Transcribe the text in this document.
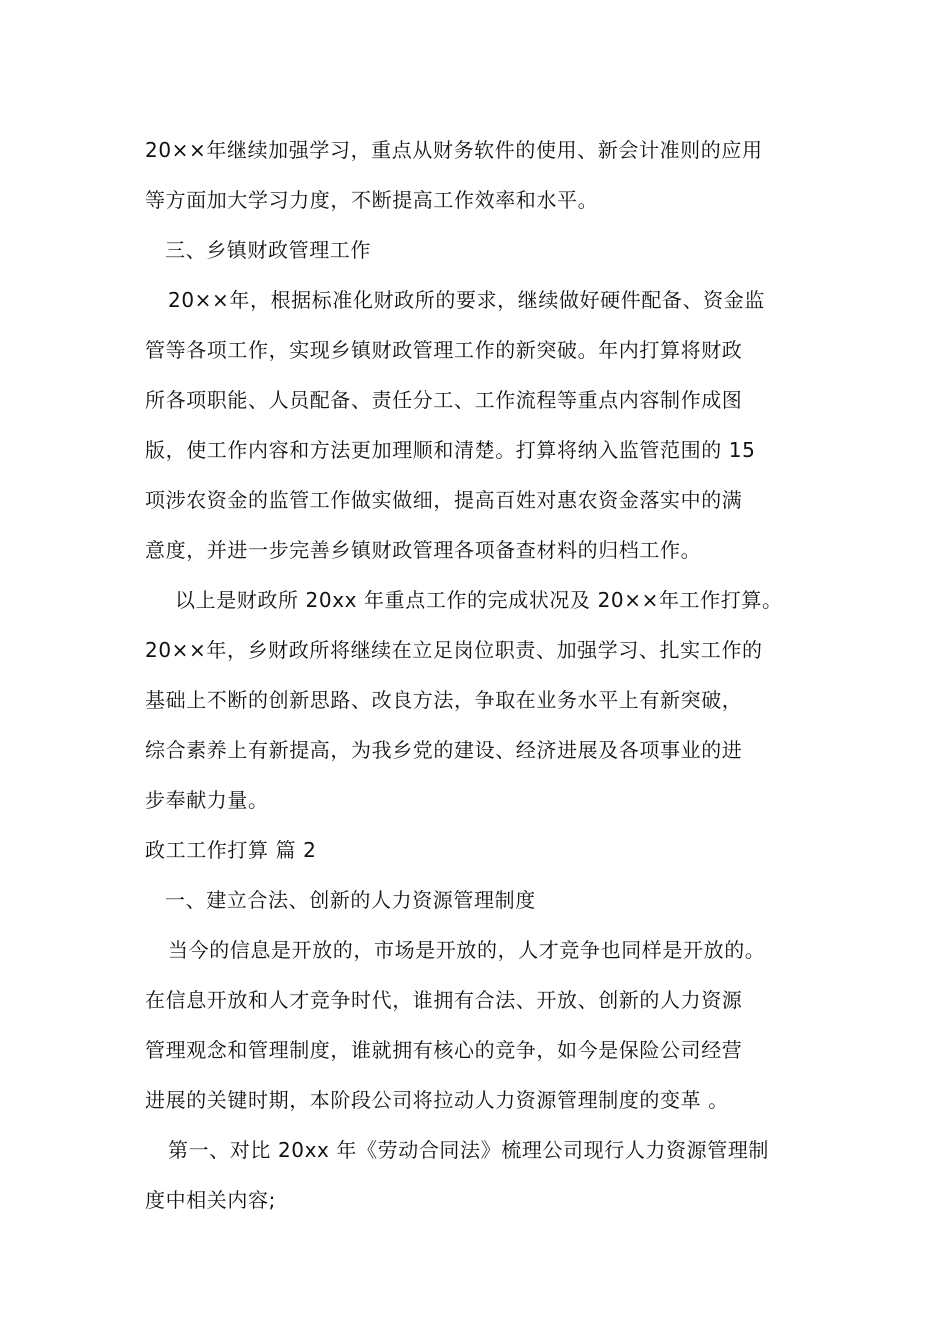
20××年继续加强学习，重点从财务软件的使用、新会计准则的应用
等方面加大学习力度，不断提高工作效率和水平。
三、乡镇财政管理工作
20××年，根据标准化财政所的要求，继续做好硬件配备、资金监
管等各项工作，实现乡镇财政管理工作的新突破。年内打算将财政
所各项职能、人员配备、责任分工、工作流程等重点内容制作成图
版，使工作内容和方法更加理顺和清楚。打算将纳入监管范围的 15
项涉农资金的监管工作做实做细，提高百姓对惠农资金落实中的满
意度，并进一步完善乡镇财政管理各项备查材料的归档工作。
以上是财政所 20xx 年重点工作的完成状况及 20××年工作打算。
20××年，乡财政所将继续在立足岗位职责、加强学习、扎实工作的
基础上不断的创新思路、改良方法，争取在业务水平上有新突破，
综合素养上有新提高，为我乡党的建设、经济进展及各项事业的进
步奉献力量。
政工工作打算 篇 2
一、建立合法、创新的人力资源管理制度
当今的信息是开放的，市场是开放的，人才竞争也同样是开放的。
在信息开放和人才竞争时代，谁拥有合法、开放、创新的人力资源
管理观念和管理制度，谁就拥有核心的竞争，如今是保险公司经营
进展的关键时期，本阶段公司将拉动人力资源管理制度的变革 。
第一、对比 20xx 年《劳动合同法》梳理公司现行人力资源管理制
度中相关内容;
